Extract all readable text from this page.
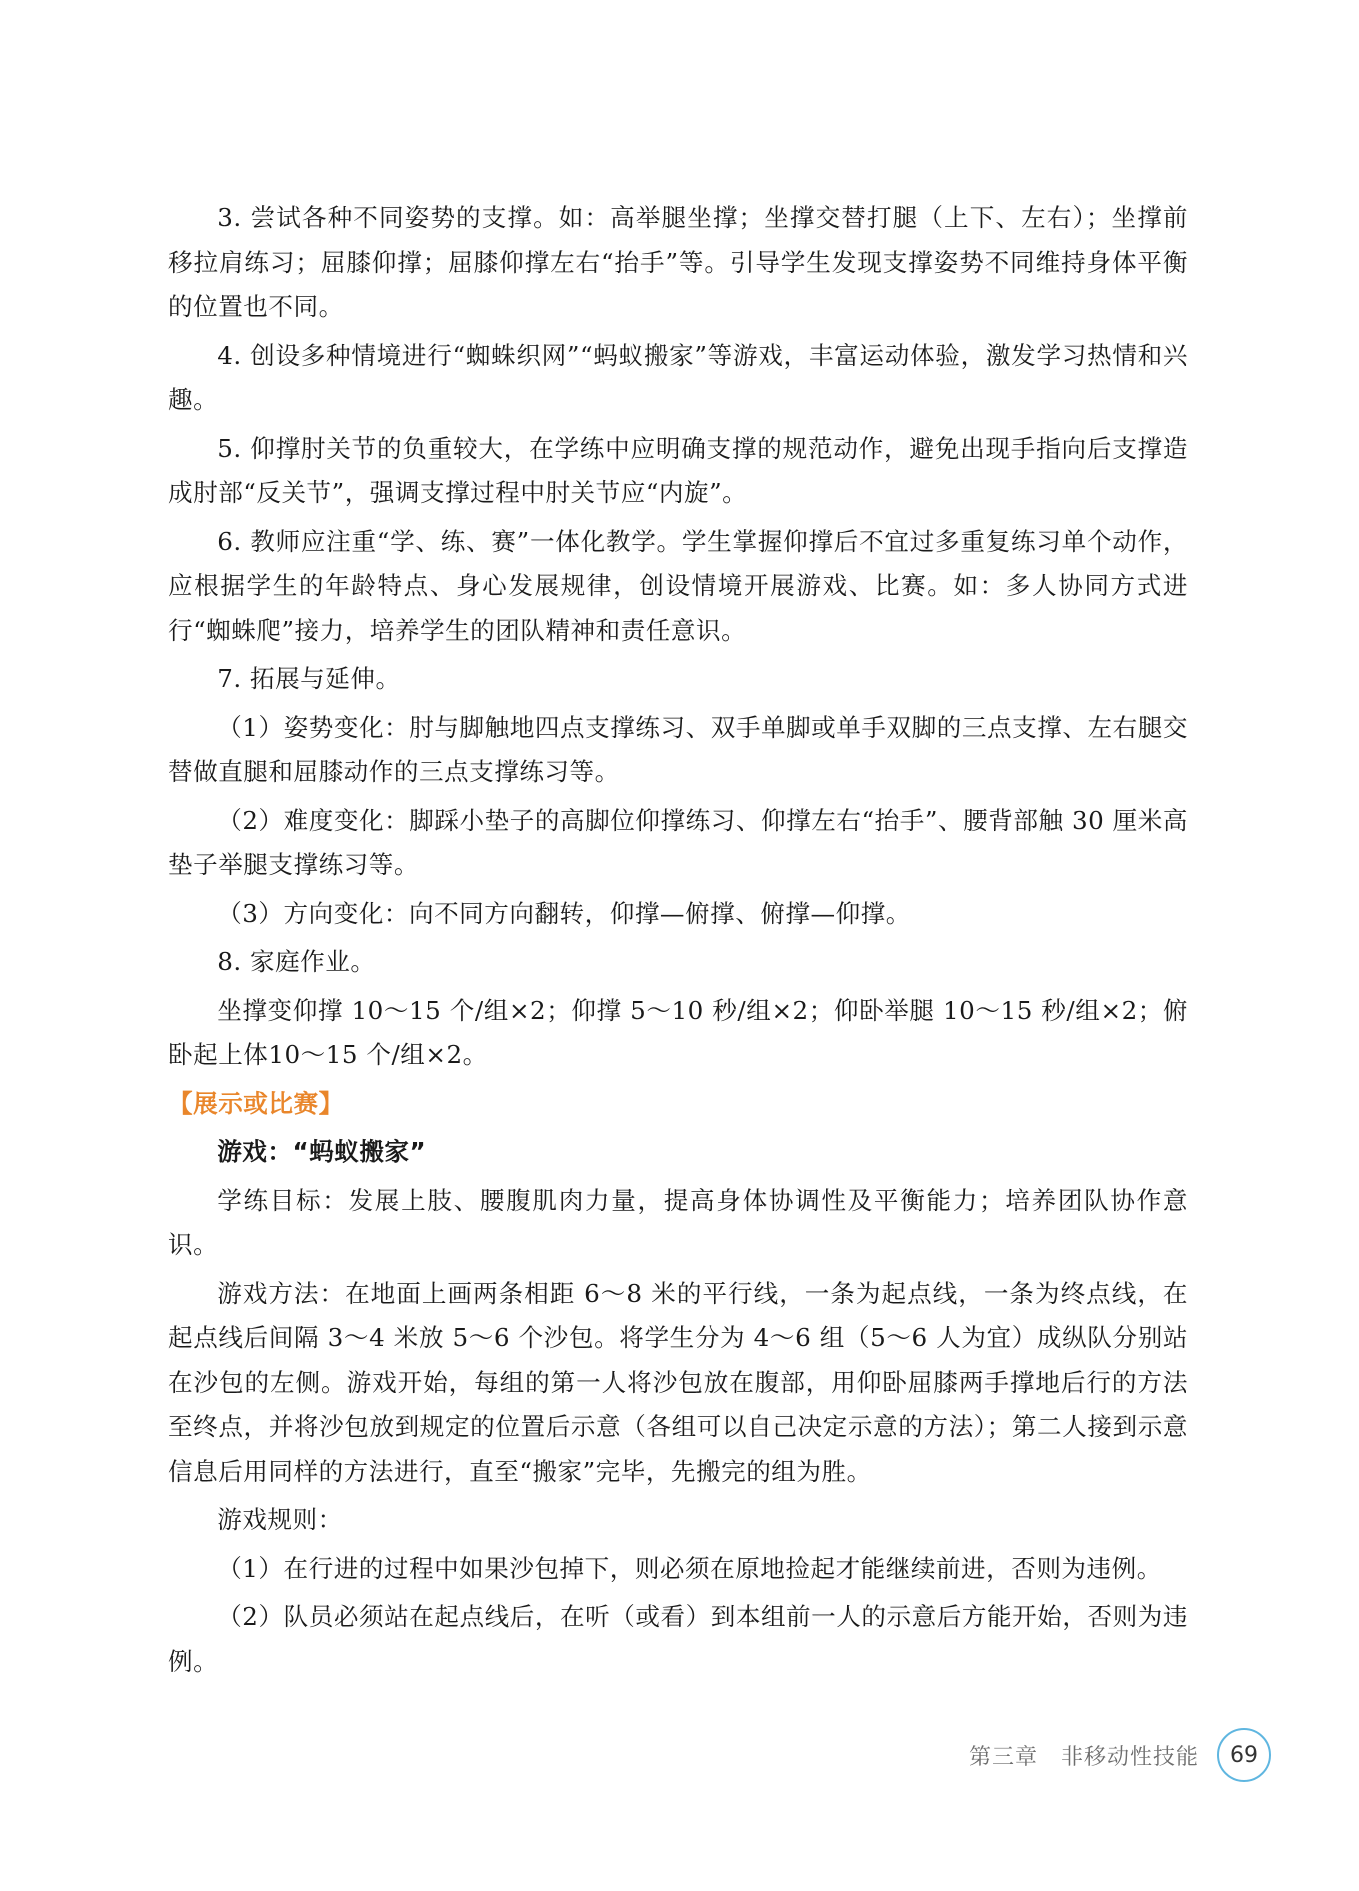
3. 尝试各种不同姿势的支撑。如：高举腿坐撑；坐撑交替打腿（上下、左右）；坐撑前移拉肩练习；屈膝仰撑；屈膝仰撑左右“抬手”等。引导学生发现支撑姿势不同维持身体平衡的位置也不同。

4. 创设多种情境进行“蜘蛛织网”“蚂蚁搬家”等游戏，丰富运动体验，激发学习热情和兴趣。

5. 仰撑肘关节的负重较大，在学练中应明确支撑的规范动作，避免出现手指向后支撑造成肘部“反关节”，强调支撑过程中肘关节应“内旋”。

6. 教师应注重“学、练、赛”一体化教学。学生掌握仰撑后不宜过多重复练习单个动作，应根据学生的年龄特点、身心发展规律，创设情境开展游戏、比赛。如：多人协同方式进行“蜘蛛爬”接力，培养学生的团队精神和责任意识。

7. 拓展与延伸。

（1）姿势变化：肘与脚触地四点支撑练习、双手单脚或单手双脚的三点支撑、左右腿交替做直腿和屈膝动作的三点支撑练习等。

（2）难度变化：脚踩小垫子的高脚位仰撑练习、仰撑左右“抬手”、腰背部触 30 厘米高垫子举腿支撑练习等。

（3）方向变化：向不同方向翻转，仰撑—俯撑、俯撑—仰撑。

8. 家庭作业。

坐撑变仰撑 10～15 个/组×2；仰撑 5～10 秒/组×2；仰卧举腿 10～15 秒/组×2；俯卧起上体10～15 个/组×2。

【展示或比赛】
游戏：“蚂蚁搬家”

学练目标：发展上肢、腰腹肌肉力量，提高身体协调性及平衡能力；培养团队协作意识。

游戏方法：在地面上画两条相距 6～8 米的平行线，一条为起点线，一条为终点线，在起点线后间隔 3～4 米放 5～6 个沙包。将学生分为 4～6 组（5～6 人为宜）成纵队分别站在沙包的左侧。游戏开始，每组的第一人将沙包放在腹部，用仰卧屈膝两手撑地后行的方法至终点，并将沙包放到规定的位置后示意（各组可以自己决定示意的方法）；第二人接到示意信息后用同样的方法进行，直至“搬家”完毕，先搬完的组为胜。

游戏规则：

（1）在行进的过程中如果沙包掉下，则必须在原地捡起才能继续前进，否则为违例。

（2）队员必须站在起点线后，在听（或看）到本组前一人的示意后方能开始，否则为违例。

第三章　非移动性技能	69
